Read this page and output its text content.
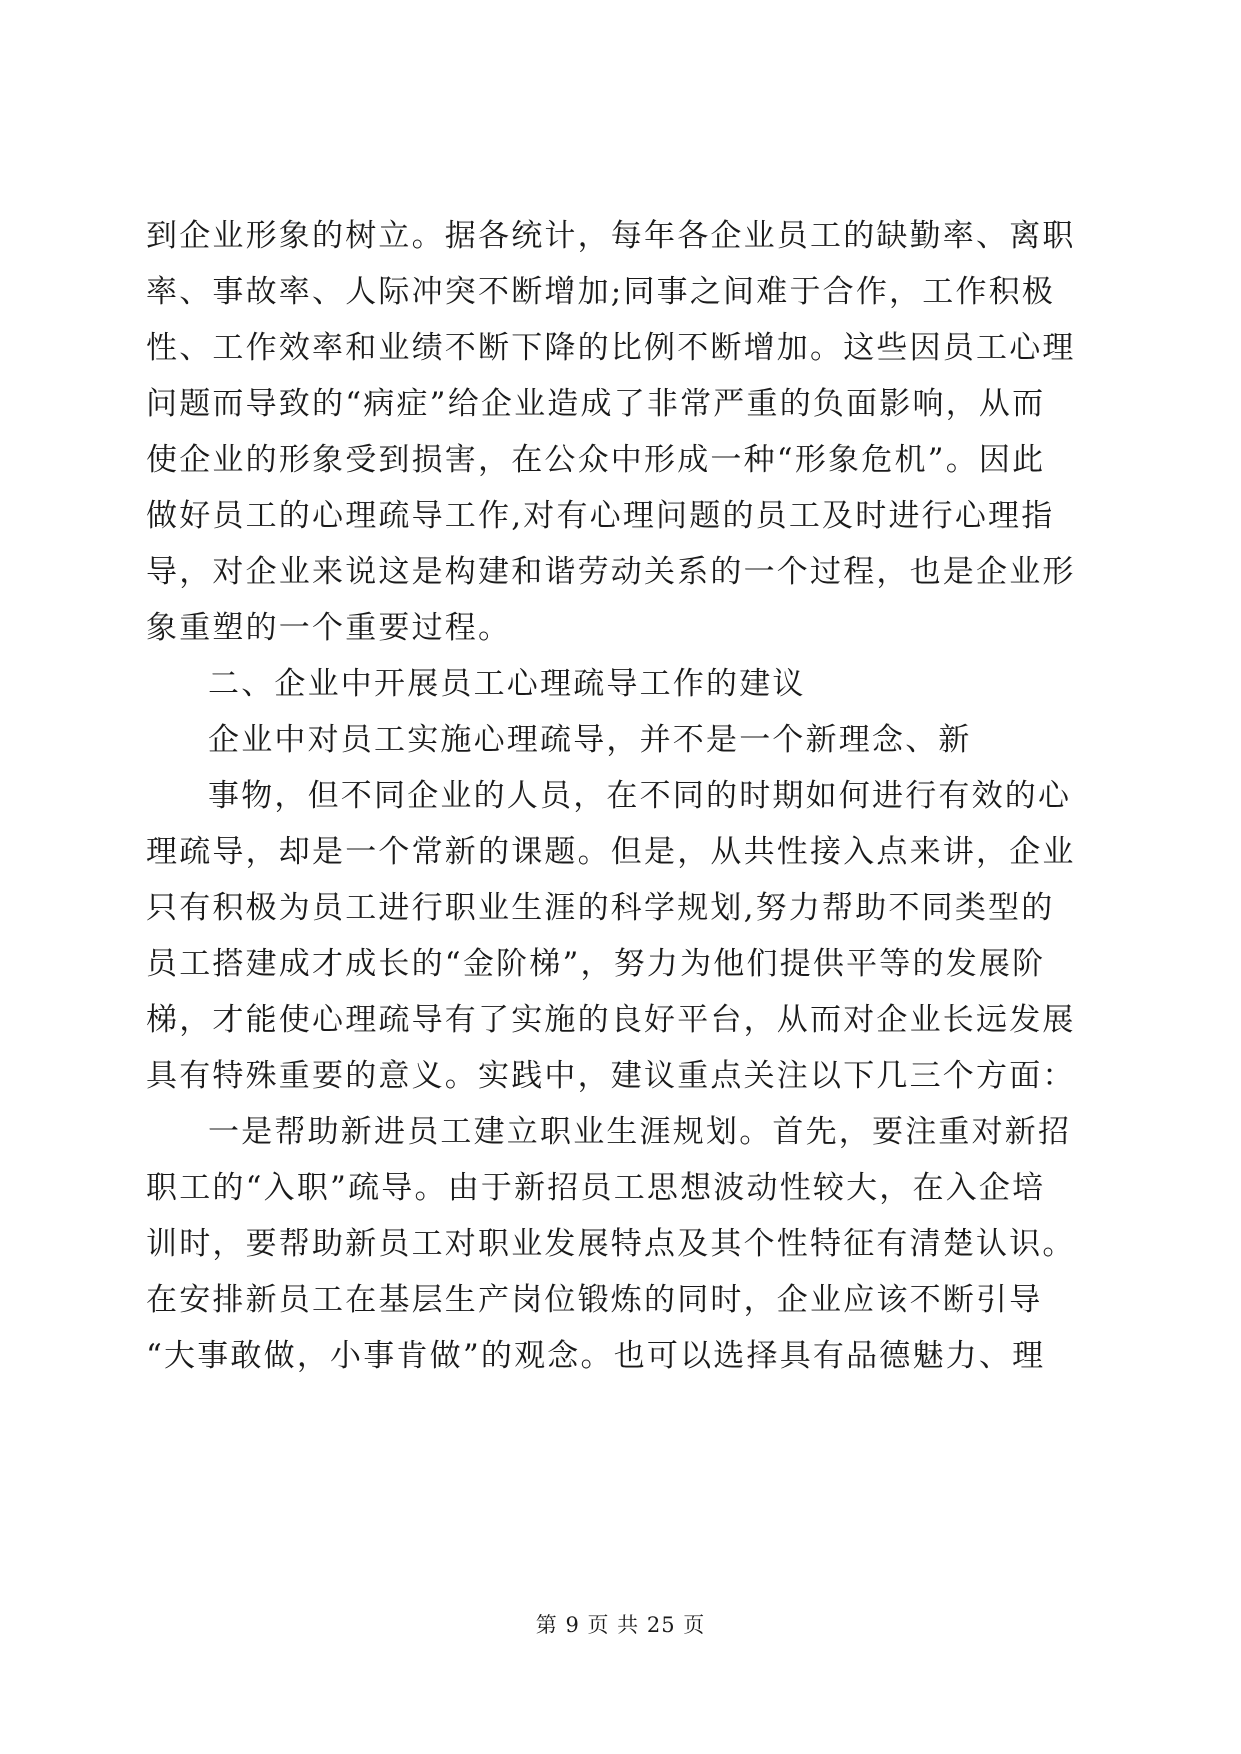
到企业形象的树立。据各统计，每年各企业员工的缺勤率、离职
率、事故率、人际冲突不断增加;同事之间难于合作，工作积极
性、工作效率和业绩不断下降的比例不断增加。这些因员工心理
问题而导致的“病症”给企业造成了非常严重的负面影响，从而
使企业的形象受到损害，在公众中形成一种“形象危机”。因此
做好员工的心理疏导工作,对有心理问题的员工及时进行心理指
导，对企业来说这是构建和谐劳动关系的一个过程，也是企业形
象重塑的一个重要过程。
二、企业中开展员工心理疏导工作的建议
企业中对员工实施心理疏导，并不是一个新理念、新
事物，但不同企业的人员，在不同的时期如何进行有效的心
理疏导，却是一个常新的课题。但是，从共性接入点来讲，企业
只有积极为员工进行职业生涯的科学规划,努力帮助不同类型的
员工搭建成才成长的“金阶梯”，努力为他们提供平等的发展阶
梯，才能使心理疏导有了实施的良好平台，从而对企业长远发展
具有特殊重要的意义。实践中，建议重点关注以下几三个方面：
一是帮助新进员工建立职业生涯规划。首先，要注重对新招
职工的“入职”疏导。由于新招员工思想波动性较大，在入企培
训时，要帮助新员工对职业发展特点及其个性特征有清楚认识。
在安排新员工在基层生产岗位锻炼的同时，企业应该不断引导
“大事敢做，小事肯做”的观念。也可以选择具有品德魅力、理
第 9 页 共 25 页
